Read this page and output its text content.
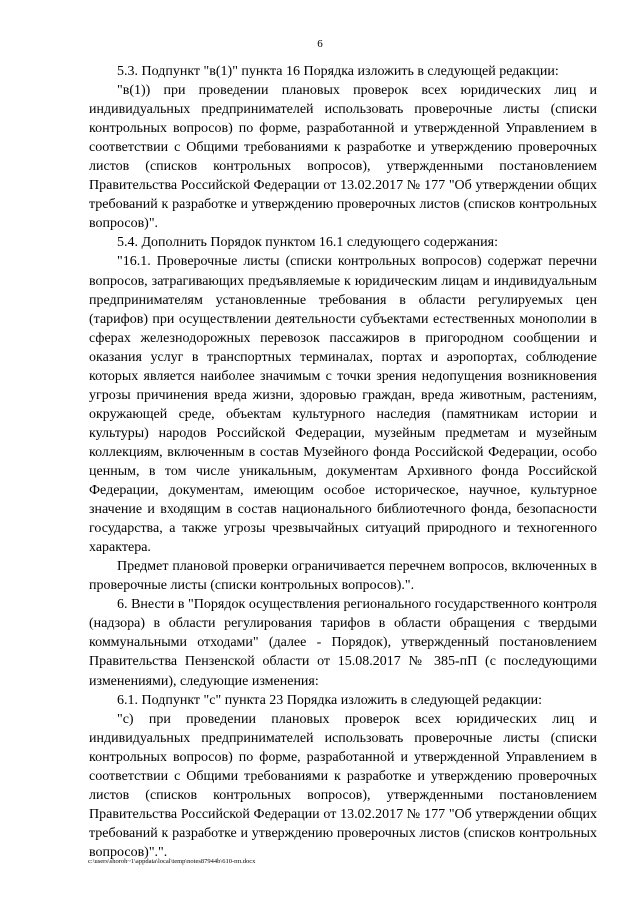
6

5.3. Подпункт "в(1)" пункта 16 Порядка изложить в следующей редакции:

"в(1)) при проведении плановых проверок всех юридических лиц и индивидуальных предпринимателей использовать проверочные листы (списки контрольных вопросов) по форме, разработанной и утвержденной Управлением в соответствии с Общими требованиями к разработке и утверждению проверочных листов (списков контрольных вопросов), утвержденными постановлением Правительства Российской Федерации от 13.02.2017 № 177 "Об утверждении общих требований к разработке и утверждению проверочных листов (списков контрольных вопросов)".

5.4. Дополнить Порядок пунктом 16.1 следующего содержания:

"16.1. Проверочные листы (списки контрольных вопросов) содержат перечни вопросов, затрагивающих предъявляемые к юридическим лицам и индивидуальным предпринимателям установленные требования в области регулируемых цен (тарифов) при осуществлении деятельности субъектами естественных монополии в сферах железнодорожных перевозок пассажиров в пригородном сообщении и оказания услуг в транспортных терминалах, портах и аэропортах, соблюдение которых является наиболее значимым с точки зрения недопущения возникновения угрозы причинения вреда жизни, здоровью граждан, вреда животным, растениям, окружающей среде, объектам культурного наследия (памятникам истории и культуры) народов Российской Федерации, музейным предметам и музейным коллекциям, включенным в состав Музейного фонда Российской Федерации, особо ценным, в том числе уникальным, документам Архивного фонда Российской Федерации, документам, имеющим особое историческое, научное, культурное значение и входящим в состав национального библиотечного фонда, безопасности государства, а также угрозы чрезвычайных ситуаций природного и техногенного характера.

Предмет плановой проверки ограничивается перечнем вопросов, включенных в проверочные листы (списки контрольных вопросов).".

6. Внести в "Порядок осуществления регионального государственного контроля (надзора) в области регулирования тарифов в области обращения с твердыми коммунальными отходами" (далее - Порядок), утвержденный постановлением Правительства Пензенской области от 15.08.2017 № 385-пП (с последующими изменениями), следующие изменения:

6.1. Подпункт "с" пункта 23 Порядка изложить в следующей редакции:

"с) при проведении плановых проверок всех юридических лиц и индивидуальных предпринимателей использовать проверочные листы (списки контрольных вопросов) по форме, разработанной и утвержденной Управлением в соответствии с Общими требованиями к разработке и утверждению проверочных листов (списков контрольных вопросов), утвержденными постановлением Правительства Российской Федерации от 13.02.2017 № 177 "Об утверждении общих требований к разработке и утверждению проверочных листов (списков контрольных вопросов)".".

c:\users\shoroh~1\appdata\local\temp\notes87944b\610-пп.docx
